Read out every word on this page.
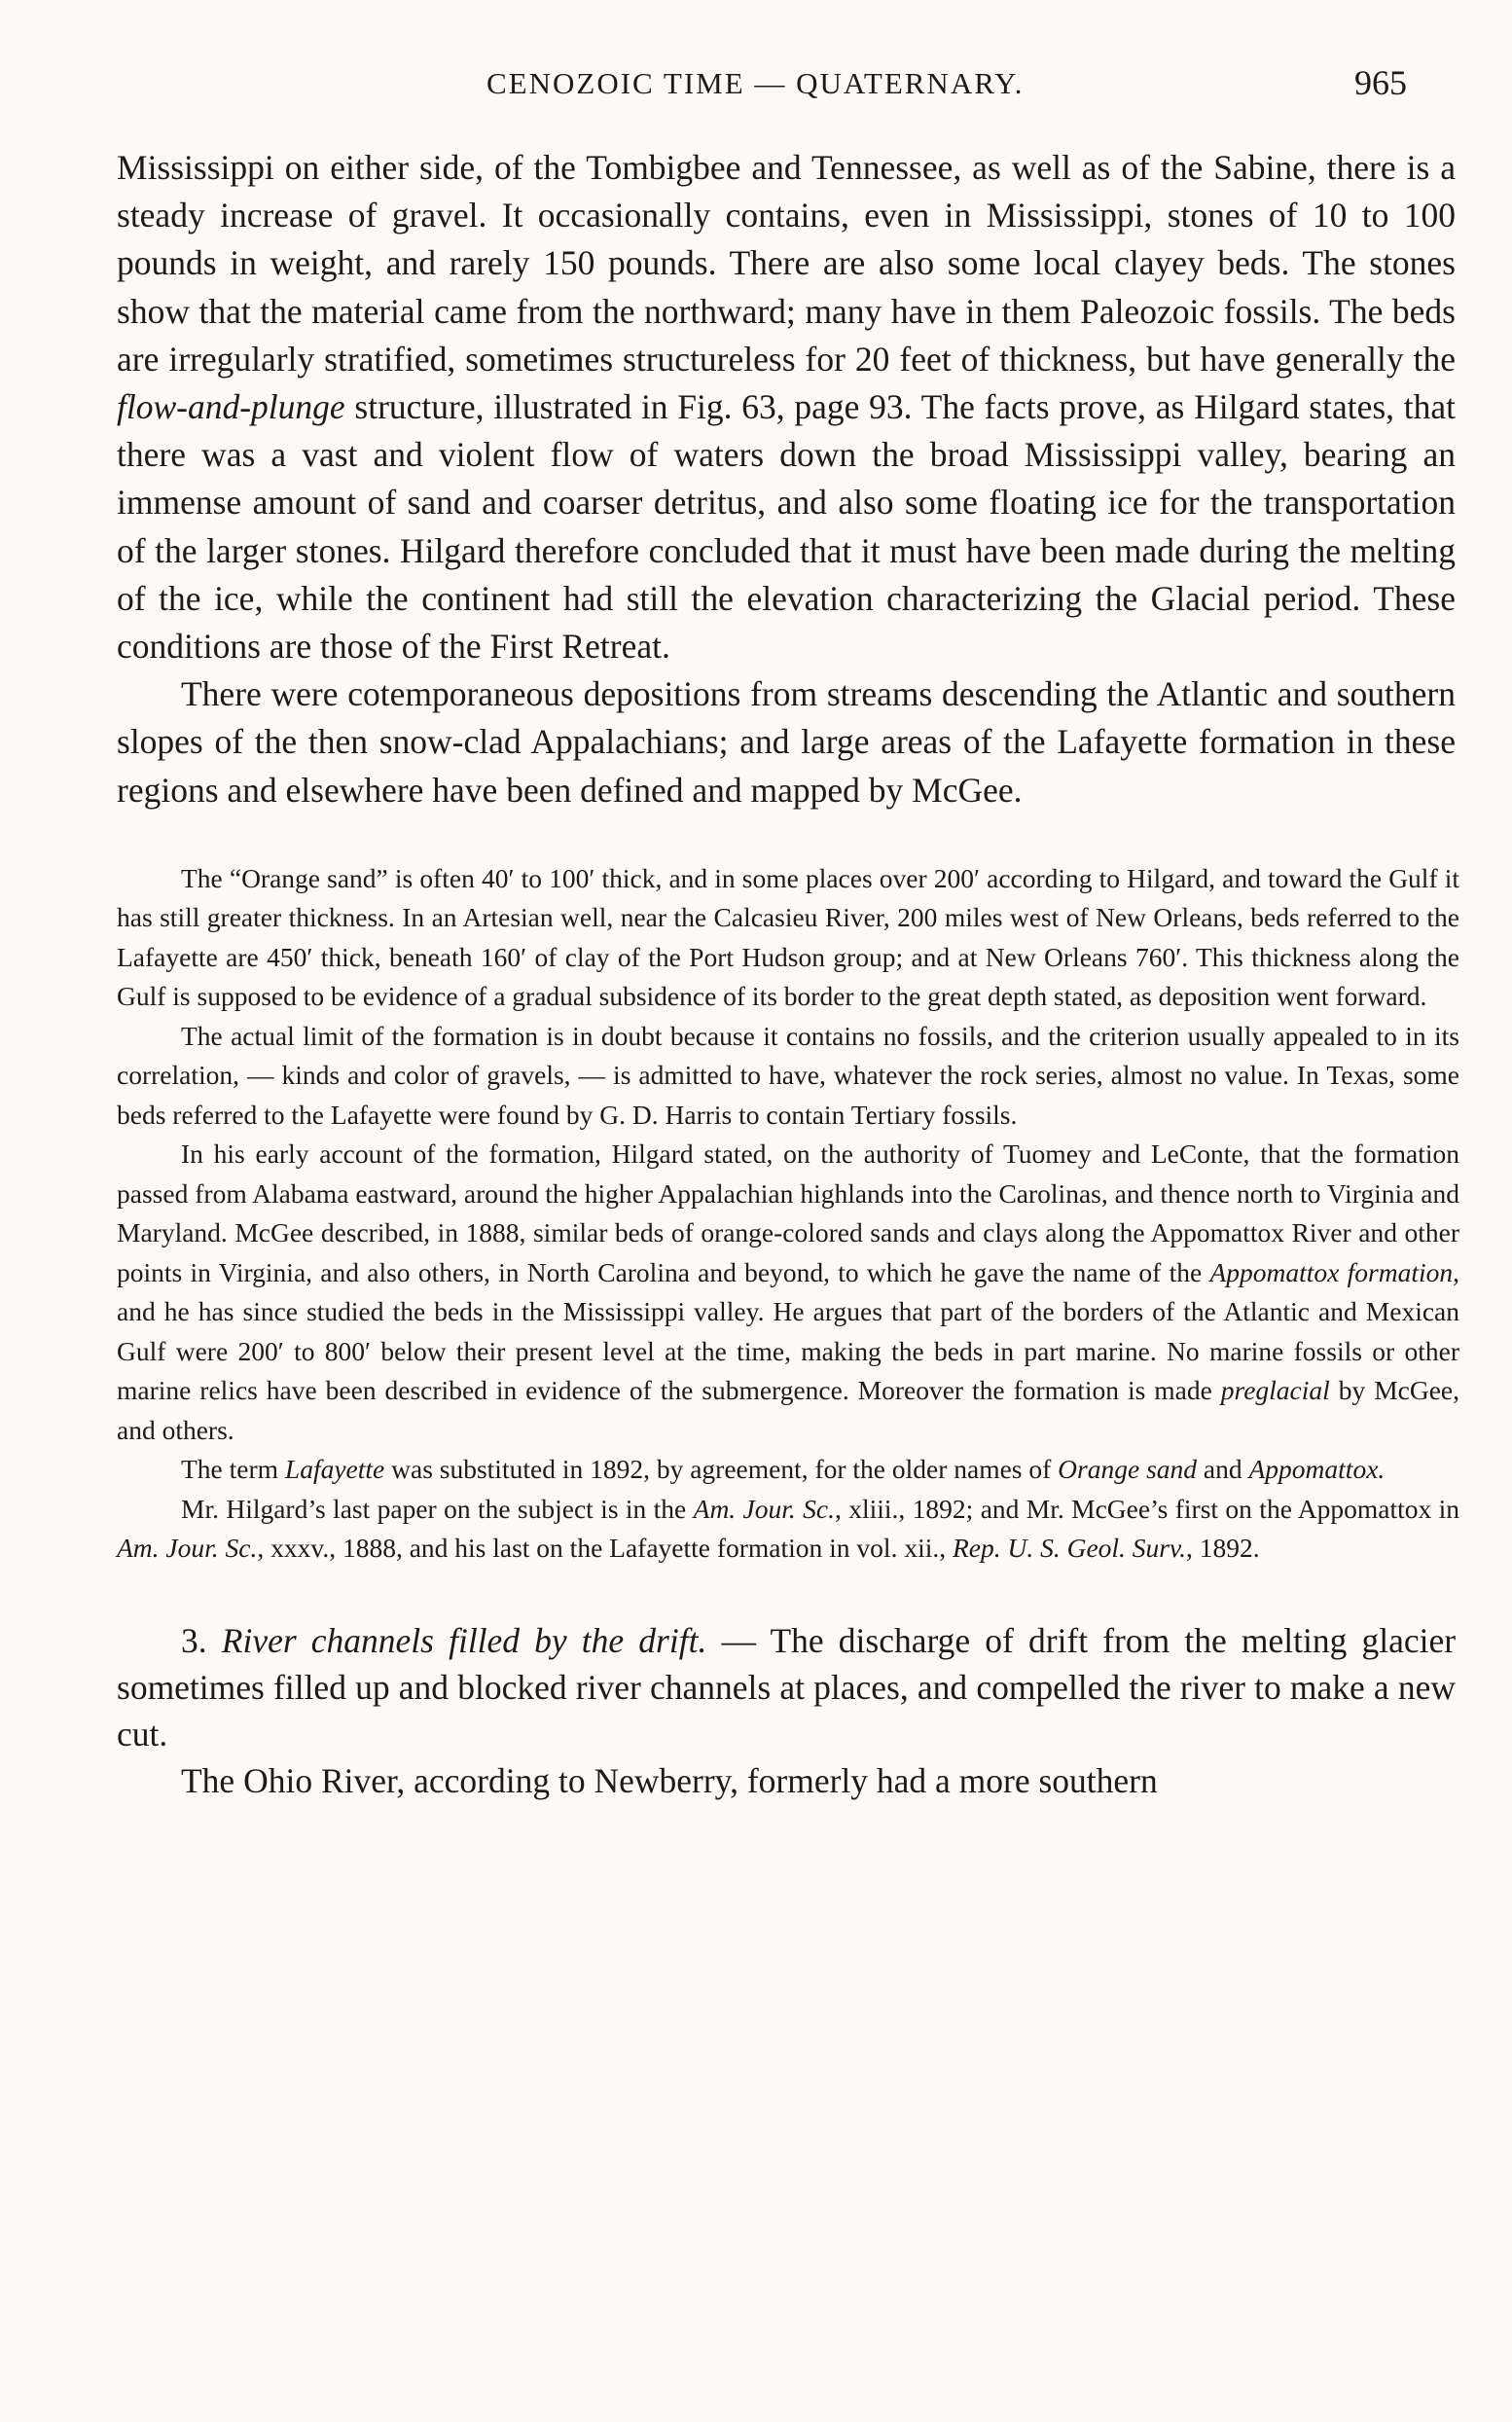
CENOZOIC TIME — QUATERNARY.	965

Mississippi on either side, of the Tombigbee and Tennessee, as well as of the Sabine, there is a steady increase of gravel. It occasionally contains, even in Mississippi, stones of 10 to 100 pounds in weight, and rarely 150 pounds. There are also some local clayey beds. The stones show that the material came from the northward; many have in them Paleozoic fossils. The beds are irregularly stratified, sometimes structureless for 20 feet of thickness, but have generally the flow-and-plunge structure, illustrated in Fig. 63, page 93. The facts prove, as Hilgard states, that there was a vast and violent flow of waters down the broad Mississippi valley, bearing an immense amount of sand and coarser detritus, and also some floating ice for the transportation of the larger stones. Hilgard therefore concluded that it must have been made during the melting of the ice, while the continent had still the elevation characterizing the Glacial period. These conditions are those of the First Retreat.

There were cotemporaneous depositions from streams descending the Atlantic and southern slopes of the then snow-clad Appalachians; and large areas of the Lafayette formation in these regions and elsewhere have been defined and mapped by McGee.

The “Orange sand” is often 40′ to 100′ thick, and in some places over 200′ according to Hilgard, and toward the Gulf it has still greater thickness. In an Artesian well, near the Calcasieu River, 200 miles west of New Orleans, beds referred to the Lafayette are 450′ thick, beneath 160′ of clay of the Port Hudson group; and at New Orleans 760′. This thickness along the Gulf is supposed to be evidence of a gradual subsidence of its border to the great depth stated, as deposition went forward.

The actual limit of the formation is in doubt because it contains no fossils, and the criterion usually appealed to in its correlation, — kinds and color of gravels, — is admitted to have, whatever the rock series, almost no value. In Texas, some beds referred to the Lafayette were found by G. D. Harris to contain Tertiary fossils.

In his early account of the formation, Hilgard stated, on the authority of Tuomey and LeConte, that the formation passed from Alabama eastward, around the higher Appalachian highlands into the Carolinas, and thence north to Virginia and Maryland. McGee described, in 1888, similar beds of orange-colored sands and clays along the Appomattox River and other points in Virginia, and also others, in North Carolina and beyond, to which he gave the name of the Appomattox formation, and he has since studied the beds in the Mississippi valley. He argues that part of the borders of the Atlantic and Mexican Gulf were 200′ to 800′ below their present level at the time, making the beds in part marine. No marine fossils or other marine relics have been described in evidence of the submergence. Moreover the formation is made preglacial by McGee, and others.

The term Lafayette was substituted in 1892, by agreement, for the older names of Orange sand and Appomattox.

Mr. Hilgard’s last paper on the subject is in the Am. Jour. Sc., xliii., 1892; and Mr. McGee’s first on the Appomattox in Am. Jour. Sc., xxxv., 1888, and his last on the Lafayette formation in vol. xii., Rep. U. S. Geol. Surv., 1892.

3. River channels filled by the drift. — The discharge of drift from the melting glacier sometimes filled up and blocked river channels at places, and compelled the river to make a new cut.

The Ohio River, according to Newberry, formerly had a more southern
